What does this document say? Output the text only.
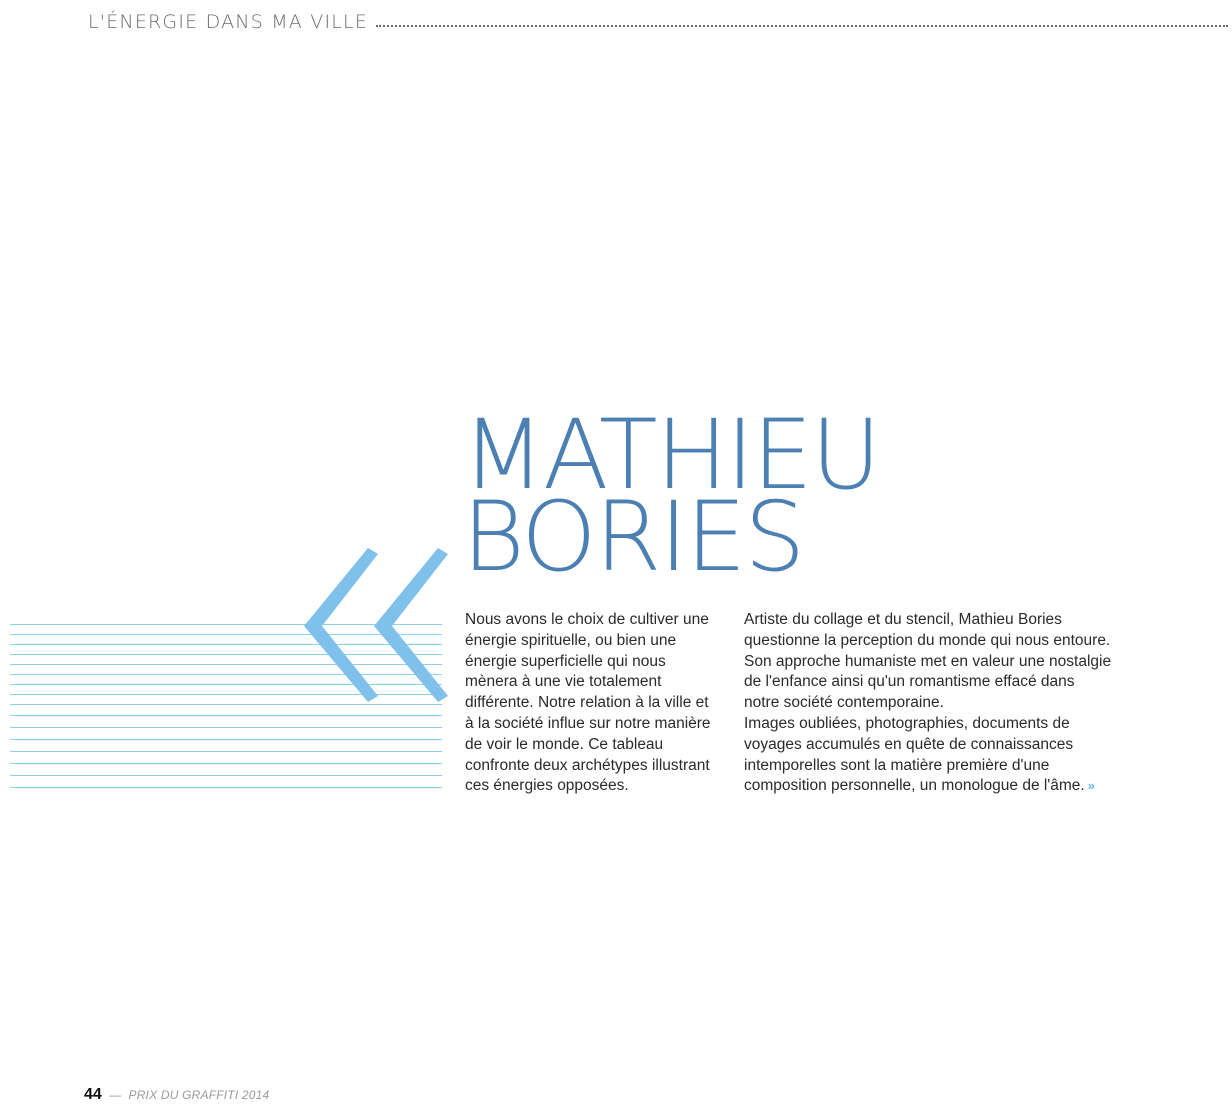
L'ÉNERGIE DANS MA VILLE
MATHIEU
BORIES

Nous avons le choix de cultiver une énergie spirituelle, ou bien une énergie superficielle qui nous mènera à une vie totalement différente. Notre relation à la ville et à la société influe sur notre manière de voir le monde. Ce tableau confronte deux archétypes illustrant ces énergies opposées.

Artiste du collage et du stencil, Mathieu Bories questionne la perception du monde qui nous entoure. Son approche humaniste met en valeur une nostalgie de l'enfance ainsi qu'un romantisme effacé dans notre société contemporaine.

Images oubliées, photographies, documents de voyages accumulés en quête de connaissances intemporelles sont la matière première d'une composition personnelle, un monologue de l'âme. »

44 — PRIX DU GRAFFITI 2014
